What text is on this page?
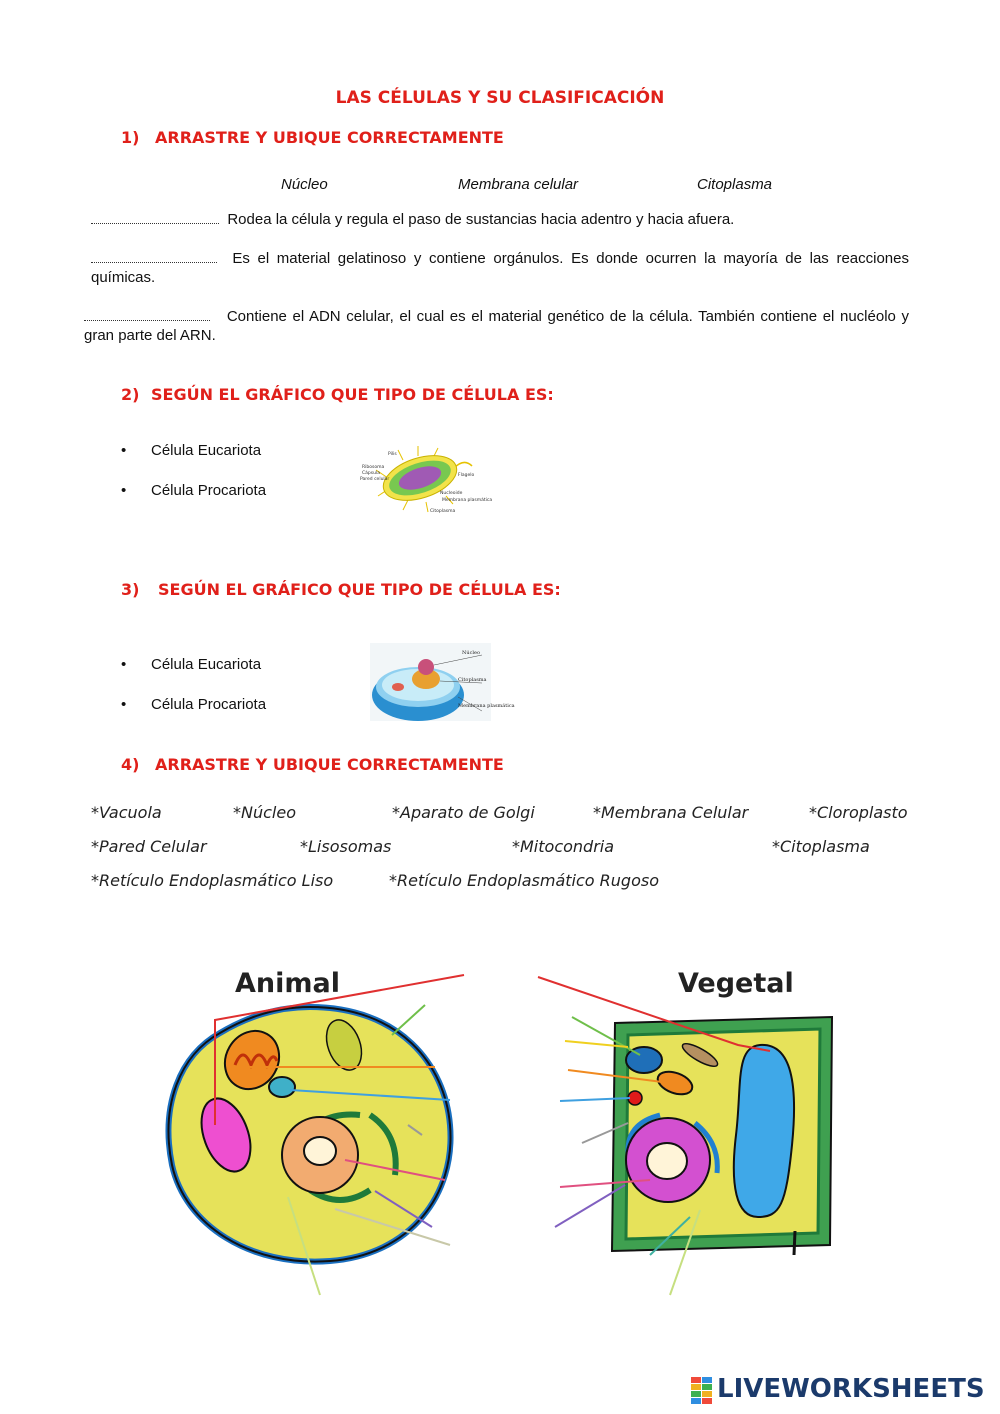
LAS CÉLULAS Y SU CLASIFICACIÓN
1) ARRASTRE Y UBIQUE CORRECTAMENTE
Núcleo	Membrana celular	Citoplasma
Rodea la célula y regula el paso de sustancias hacia adentro y hacia afuera.
Es el material gelatinoso y contiene orgánulos. Es donde ocurren la mayoría de las reacciones químicas.
Contiene el ADN celular, el cual es el material genético de la célula. También contiene el nucléolo y gran parte del ARN.
2) SEGÚN EL GRÁFICO QUE TIPO DE CÉLULA ES:
• Célula Eucariota
• Célula Procariota
Pilis
Ribosoma
Cápsula
Pared celular
Flagelo
Nucleoide
Membrana plasmática
Citoplasma
3) SEGÚN EL GRÁFICO QUE TIPO DE CÉLULA ES:
• Célula Eucariota
• Célula Procariota
Núcleo
Citoplasma
Membrana plasmática
4) ARRASTRE Y UBIQUE CORRECTAMENTE
*Vacuola	*Núcleo	*Aparato de Golgi	*Membrana Celular	*Cloroplasto
*Pared Celular	*Lisosomas	*Mitocondria	*Citoplasma
*Retículo Endoplasmático Liso	*Retículo Endoplasmático Rugoso
Animal	Vegetal
LIVEWORKSHEETS
